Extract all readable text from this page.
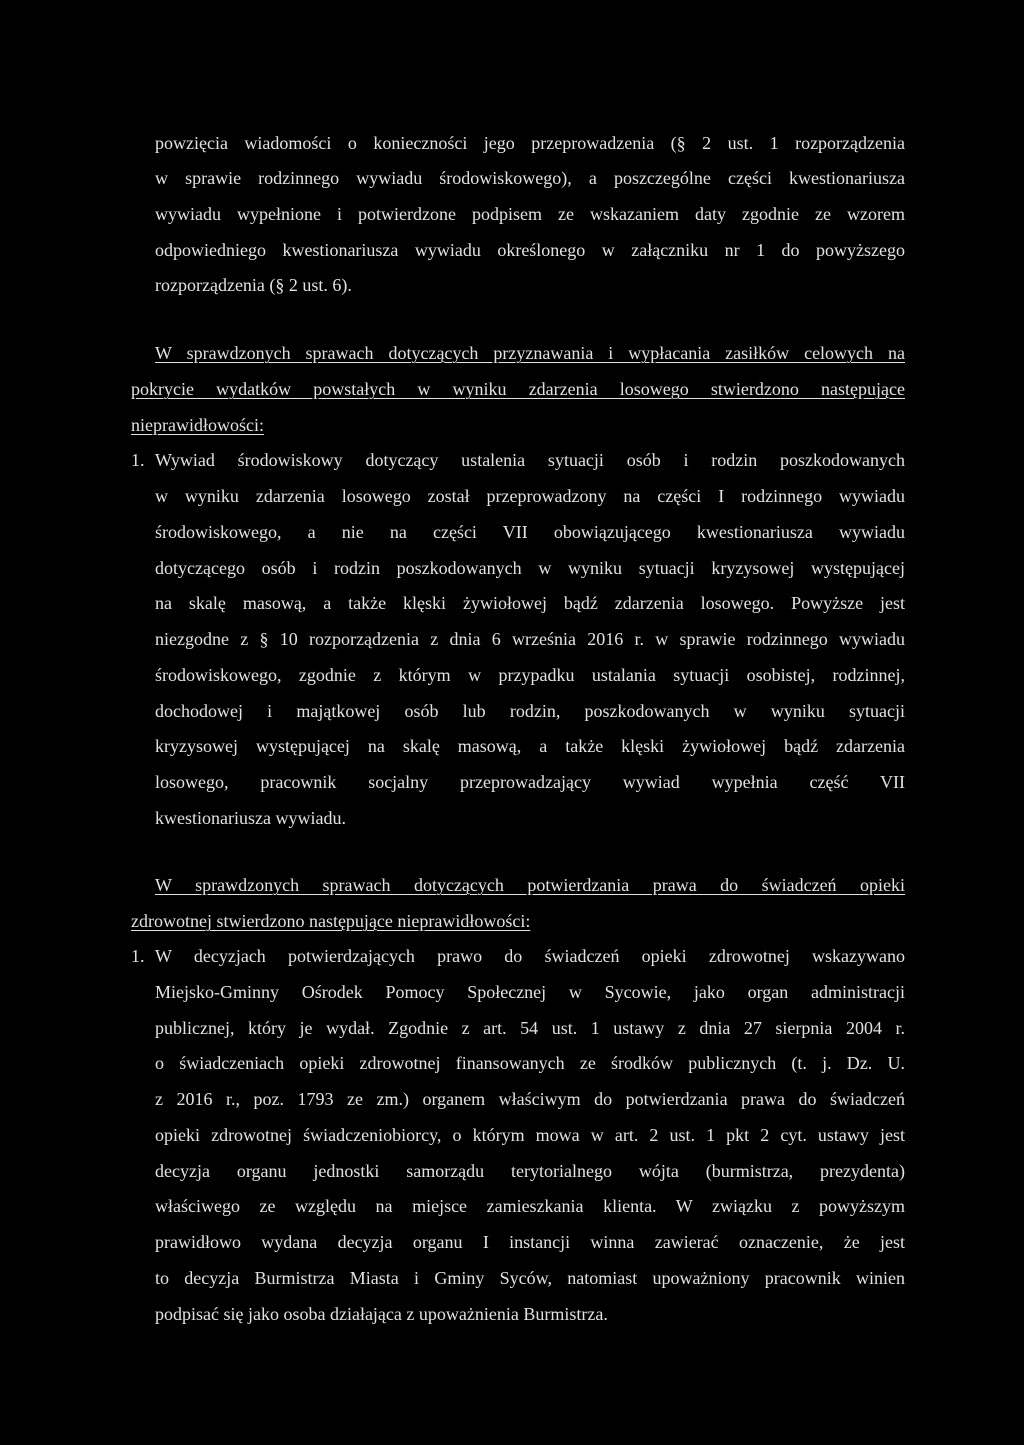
powzięcia wiadomości o konieczności jego przeprowadzenia (§ 2 ust. 1 rozporządzenia
w sprawie rodzinnego wywiadu środowiskowego), a poszczególne części kwestionariusza
wywiadu wypełnione i potwierdzone podpisem ze wskazaniem daty zgodnie ze wzorem
odpowiedniego kwestionariusza wywiadu określonego w załączniku nr 1 do powyższego
rozporządzenia (§ 2 ust. 6).
W sprawdzonych sprawach dotyczących przyznawania i wypłacania zasiłków celowych na
pokrycie wydatków powstałych w wyniku zdarzenia losowego stwierdzono następujące
nieprawidłowości:
1. Wywiad środowiskowy dotyczący ustalenia sytuacji osób i rodzin poszkodowanych
w wyniku zdarzenia losowego został przeprowadzony na części I rodzinnego wywiadu
środowiskowego, a nie na części VII obowiązującego kwestionariusza wywiadu
dotyczącego osób i rodzin poszkodowanych w wyniku sytuacji kryzysowej występującej
na skalę masową, a także klęski żywiołowej bądź zdarzenia losowego. Powyższe jest
niezgodne z § 10 rozporządzenia z dnia 6 września 2016 r. w sprawie rodzinnego wywiadu
środowiskowego, zgodnie z którym w przypadku ustalania sytuacji osobistej, rodzinnej,
dochodowej i majątkowej osób lub rodzin, poszkodowanych w wyniku sytuacji
kryzysowej występującej na skalę masową, a także klęski żywiołowej bądź zdarzenia
losowego, pracownik socjalny przeprowadzający wywiad wypełnia część VII
kwestionariusza wywiadu.
W sprawdzonych sprawach dotyczących potwierdzania prawa do świadczeń opieki
zdrowotnej stwierdzono następujące nieprawidłowości:
1. W decyzjach potwierdzających prawo do świadczeń opieki zdrowotnej wskazywano
Miejsko-Gminny Ośrodek Pomocy Społecznej w Sycowie, jako organ administracji
publicznej, który je wydał. Zgodnie z art. 54 ust. 1 ustawy z dnia 27 sierpnia 2004 r.
o świadczeniach opieki zdrowotnej finansowanych ze środków publicznych (t. j. Dz. U.
z 2016 r., poz. 1793 ze zm.) organem właściwym do potwierdzania prawa do świadczeń
opieki zdrowotnej świadczeniobiorcy, o którym mowa w art. 2 ust. 1 pkt 2 cyt. ustawy jest
decyzja organu jednostki samorządu terytorialnego wójta (burmistrza, prezydenta)
właściwego ze względu na miejsce zamieszkania klienta. W związku z powyższym
prawidłowo wydana decyzja organu I instancji winna zawierać oznaczenie, że jest
to decyzja Burmistrza Miasta i Gminy Syców, natomiast upoważniony pracownik winien
podpisać się jako osoba działająca z upoważnienia Burmistrza.
